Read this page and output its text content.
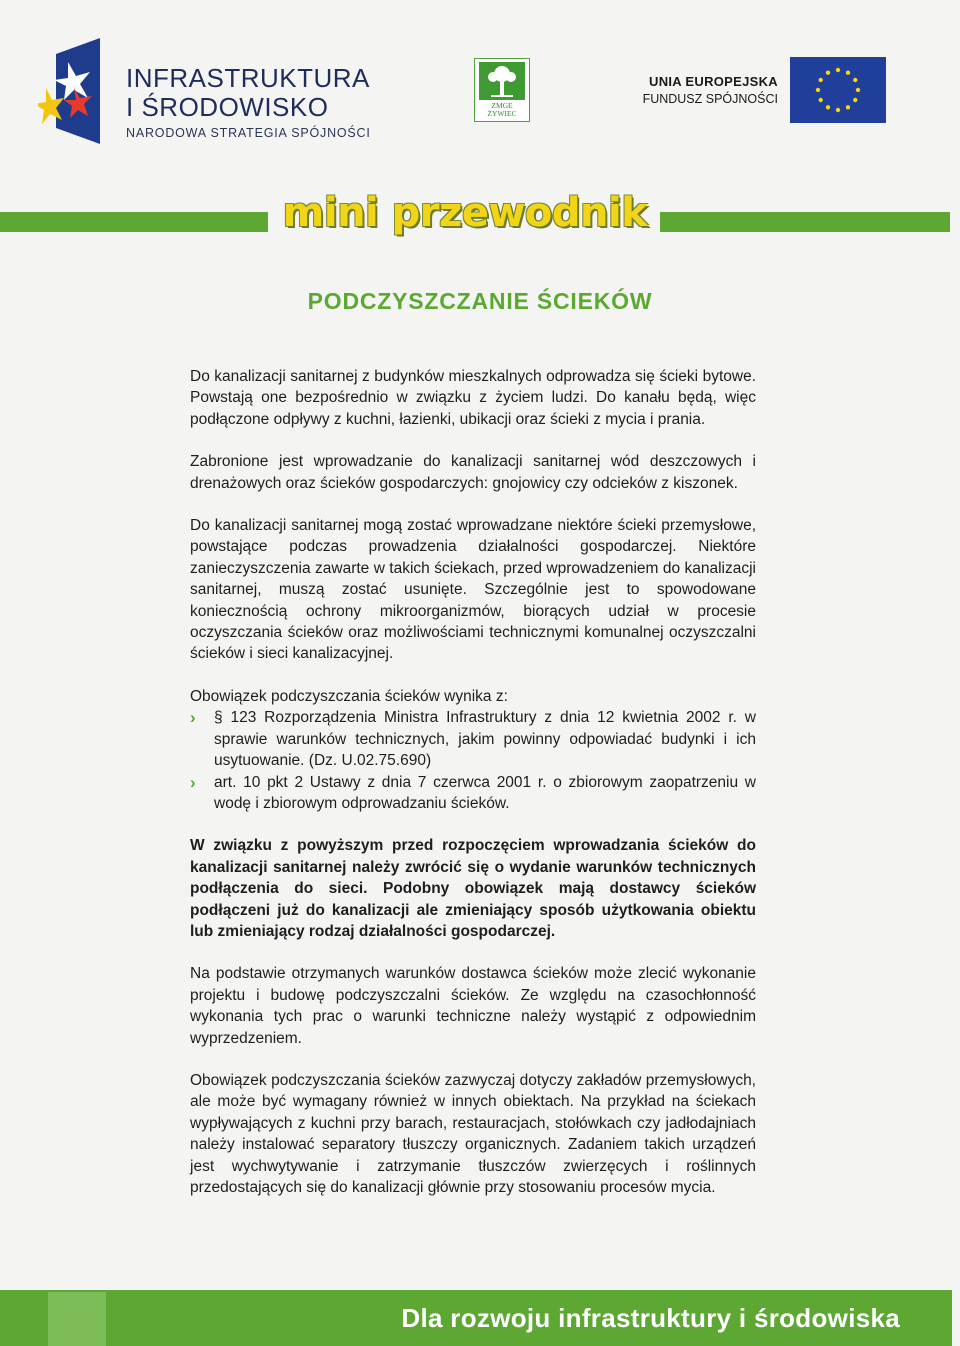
INFRASTRUKTURA
I ŚRODOWISKO
NARODOWA STRATEGIA SPÓJNOŚCI
ZMGE
ŻYWIEC
UNIA EUROPEJSKA
FUNDUSZ SPÓJNOŚCI
mini przewodnik
PODCZYSZCZANIE ŚCIEKÓW

Do kanalizacji sanitarnej z budynków mieszkalnych odprowadza się ścieki bytowe. Powstają one bezpośrednio w związku z życiem ludzi. Do kanału będą, więc podłączone odpływy z kuchni, łazienki, ubikacji oraz ścieki z mycia i prania.

Zabronione jest wprowadzanie do kanalizacji sanitarnej wód deszczowych i drenażowych oraz ścieków gospodarczych: gnojowicy czy odcieków z kiszonek.

Do kanalizacji sanitarnej mogą zostać wprowadzane niektóre ścieki przemysłowe, powstające podczas prowadzenia działalności gospodarczej. Niektóre zanieczyszczenia zawarte w takich ściekach, przed wprowadzeniem do kanalizacji sanitarnej, muszą zostać usunięte. Szczególnie jest to spowodowane koniecznością ochrony mikroorganizmów, biorących udział w procesie oczyszczania ścieków oraz możliwościami technicznymi komunalnej oczyszczalni ścieków i sieci kanalizacyjnej.

Obowiązek podczyszczania ścieków wynika z:

› § 123 Rozporządzenia Ministra Infrastruktury z dnia 12 kwietnia 2002 r. w sprawie warunków technicznych, jakim powinny odpowiadać budynki i ich usytuowanie. (Dz. U.02.75.690)
› art. 10 pkt 2 Ustawy z dnia 7 czerwca 2001 r. o zbiorowym zaopatrzeniu w wodę i zbiorowym odprowadzaniu ścieków.

W związku z powyższym przed rozpoczęciem wprowadzania ścieków do kanalizacji sanitarnej należy zwrócić się o wydanie warunków technicznych podłączenia do sieci. Podobny obowiązek mają dostawcy ścieków podłączeni już do kanalizacji ale zmieniający sposób użytkowania obiektu lub zmieniający rodzaj działalności gospodarczej.

Na podstawie otrzymanych warunków dostawca ścieków może zlecić wykonanie projektu i budowę podczyszczalni ścieków. Ze względu na czasochłonność wykonania tych prac o warunki techniczne należy wystąpić z odpowiednim wyprzedzeniem.

Obowiązek podczyszczania ścieków zazwyczaj dotyczy zakładów przemysłowych, ale może być wymagany również w innych obiektach. Na przykład na ściekach wypływających z kuchni przy barach, restauracjach, stołówkach czy jadłodajniach należy instalować separatory tłuszczy organicznych. Zadaniem takich urządzeń jest wychwytywanie i zatrzymanie tłuszczów zwierzęcych i roślinnych przedostających się do kanalizacji głównie przy stosowaniu procesów mycia.

Dla rozwoju infrastruktury i środowiska
